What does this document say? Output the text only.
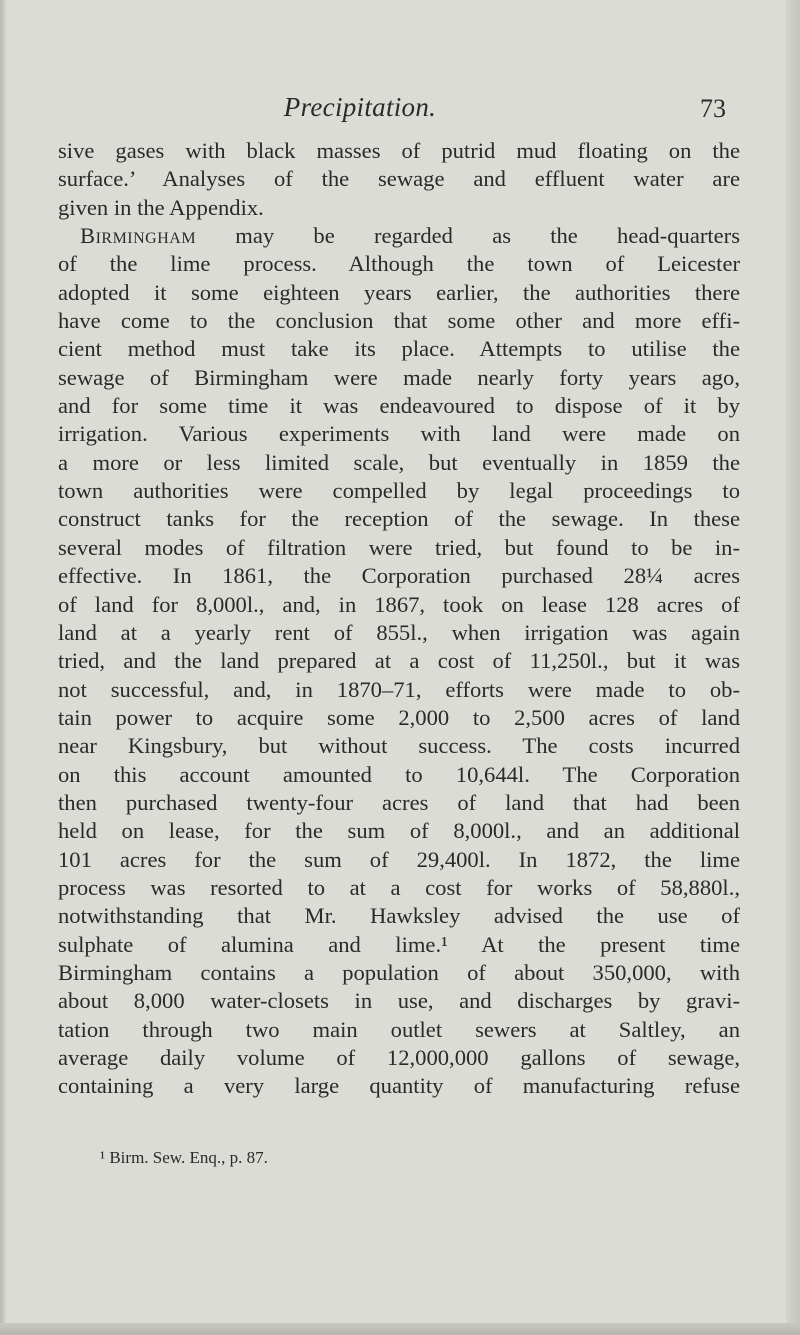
Precipitation.	73
sive gases with black masses of putrid mud floating on the
surface.’ Analyses of the sewage and effluent water are
given in the Appendix.
Birmingham may be regarded as the head-quarters
of the lime process. Although the town of Leicester
adopted it some eighteen years earlier, the authorities there
have come to the conclusion that some other and more effi-
cient method must take its place. Attempts to utilise the
sewage of Birmingham were made nearly forty years ago,
and for some time it was endeavoured to dispose of it by
irrigation. Various experiments with land were made on
a more or less limited scale, but eventually in 1859 the
town authorities were compelled by legal proceedings to
construct tanks for the reception of the sewage. In these
several modes of filtration were tried, but found to be in-
effective. In 1861, the Corporation purchased 28¼ acres
of land for 8,000l., and, in 1867, took on lease 128 acres of
land at a yearly rent of 855l., when irrigation was again
tried, and the land prepared at a cost of 11,250l., but it was
not successful, and, in 1870–71, efforts were made to ob-
tain power to acquire some 2,000 to 2,500 acres of land
near Kingsbury, but without success. The costs incurred
on this account amounted to 10,644l. The Corporation
then purchased twenty-four acres of land that had been
held on lease, for the sum of 8,000l., and an additional
101 acres for the sum of 29,400l. In 1872, the lime
process was resorted to at a cost for works of 58,880l.,
notwithstanding that Mr. Hawksley advised the use of
sulphate of alumina and lime.¹ At the present time
Birmingham contains a population of about 350,000, with
about 8,000 water-closets in use, and discharges by gravi-
tation through two main outlet sewers at Saltley, an
average daily volume of 12,000,000 gallons of sewage,
containing a very large quantity of manufacturing refuse
¹ Birm. Sew. Enq., p. 87.
